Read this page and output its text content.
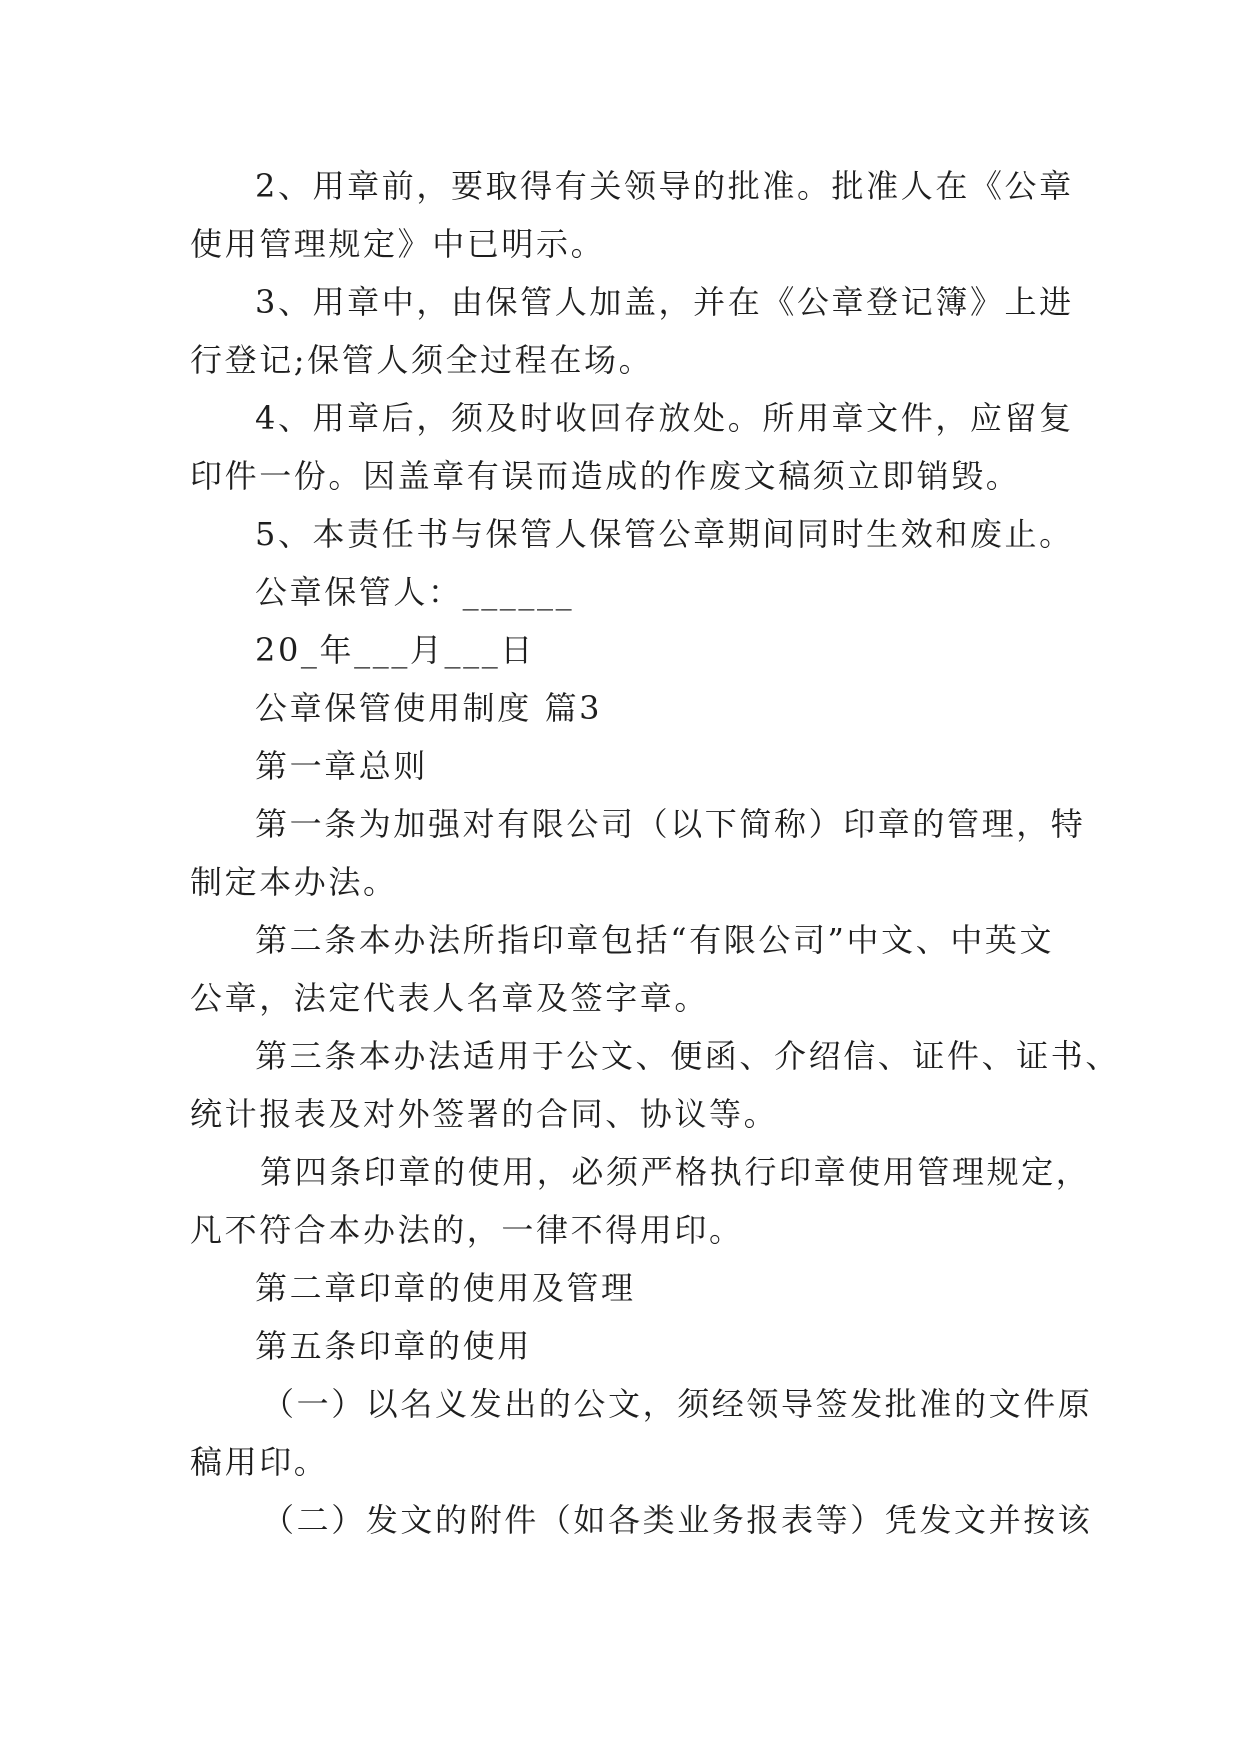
2、用章前，要取得有关领导的批准。批准人在《公章
使用管理规定》中已明示。
3、用章中，由保管人加盖，并在《公章登记簿》上进
行登记;保管人须全过程在场。
4、用章后，须及时收回存放处。所用章文件，应留复
印件一份。因盖章有误而造成的作废文稿须立即销毁。
5、本责任书与保管人保管公章期间同时生效和废止。
公章保管人：______
20_年___月___日
公章保管使用制度 篇3
第一章总则
第一条为加强对有限公司（以下简称）印章的管理，特
制定本办法。
第二条本办法所指印章包括“有限公司”中文、中英文
公章，法定代表人名章及签字章。
第三条本办法适用于公文、便函、介绍信、证件、证书、
统计报表及对外签署的合同、协议等。
第四条印章的使用，必须严格执行印章使用管理规定，
凡不符合本办法的，一律不得用印。
第二章印章的使用及管理
第五条印章的使用
（一）以名义发出的公文，须经领导签发批准的文件原
稿用印。
（二）发文的附件（如各类业务报表等）凭发文并按该
